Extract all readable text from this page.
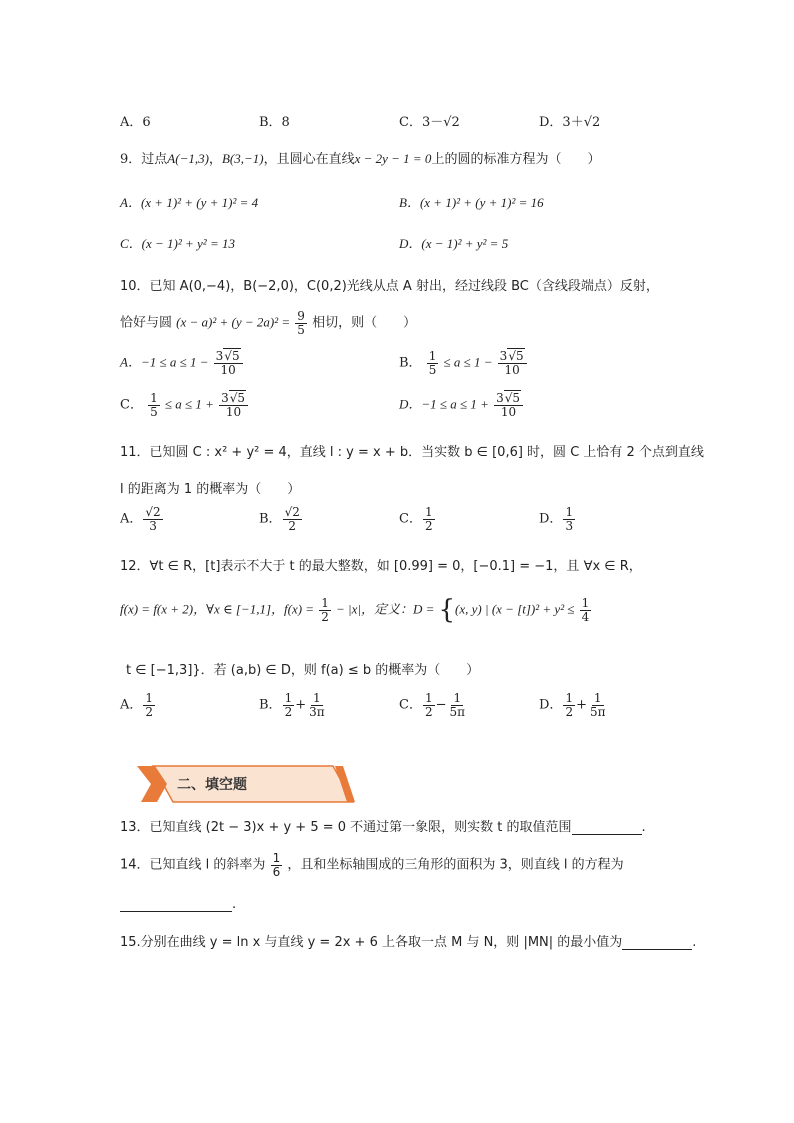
A．6	B．8	C．3－√2	D．3＋√2
9．过点A(−1,3)，B(3,−1)，且圆心在直线x − 2y − 1 = 0上的圆的标准方程为（　　）
A．(x + 1)² + (y + 1)² = 4	B．(x + 1)² + (y + 1)² = 16
C．(x − 1)² + y² = 13	D．(x − 1)² + y² = 5
10．已知 A(0,−4)，B(−2,0)，C(0,2)光线从点 A 射出，经过线段 BC（含线段端点）反射，
恰好与圆 $(x - a)^2 + (y - 2a)^2 = \frac{9}{5}$ 相切，则（　　）
A．$-1 \le a \le 1 - \frac{3√5}{10}$	B． $\frac{1}{5} \le a \le 1 - \frac{3√5}{10}$
C． $\frac{1}{5} \le a \le 1 + \frac{3√5}{10}$	D．$-1 \le a \le 1 + \frac{3√5}{10}$
11．已知圆 C : x² + y² = 4，直线 l : y = x + b．当实数 b ∈ [0,6] 时，圆 C 上恰有 2 个点到直线
l 的距离为 1 的概率为（　　）
A． $\frac{√2}{3}$	B． $\frac{√2}{2}$	C． $\frac{1}{2}$	D． $\frac{1}{3}$
12．∀t ∈ R，[t]表示不大于 t 的最大整数，如 [0.99] = 0，[−0.1] = −1，且 ∀x ∈ R，
f(x) = f(x + 2)，∀x ∈ [−1,1]，$f(x) = \frac{1}{2} - |x|$，定义：D = {(x, y) | $(x - [t])^2 + y^2 \le \frac{1}{4}$
t ∈ [−1,3]}．若 (a,b) ∈ D，则 f(a) ≤ b 的概率为（　　）
A． $\frac{1}{2}$	B． $\frac{1}{2} + \frac{1}{3\pi}$	C． $\frac{1}{2} - \frac{1}{5\pi}$	D． $\frac{1}{2} + \frac{1}{5\pi}$
二、填空题
13．已知直线 (2t − 3)x + y + 5 = 0 不通过第一象限，则实数 t 的取值范围	.
14．已知直线 l 的斜率为 $\frac{1}{6}$ ，且和坐标轴围成的三角形的面积为 3，则直线 l 的方程为
.
15.分别在曲线 y = ln x 与直线 y = 2x + 6 上各取一点 M 与 N，则 |MN| 的最小值为	.
